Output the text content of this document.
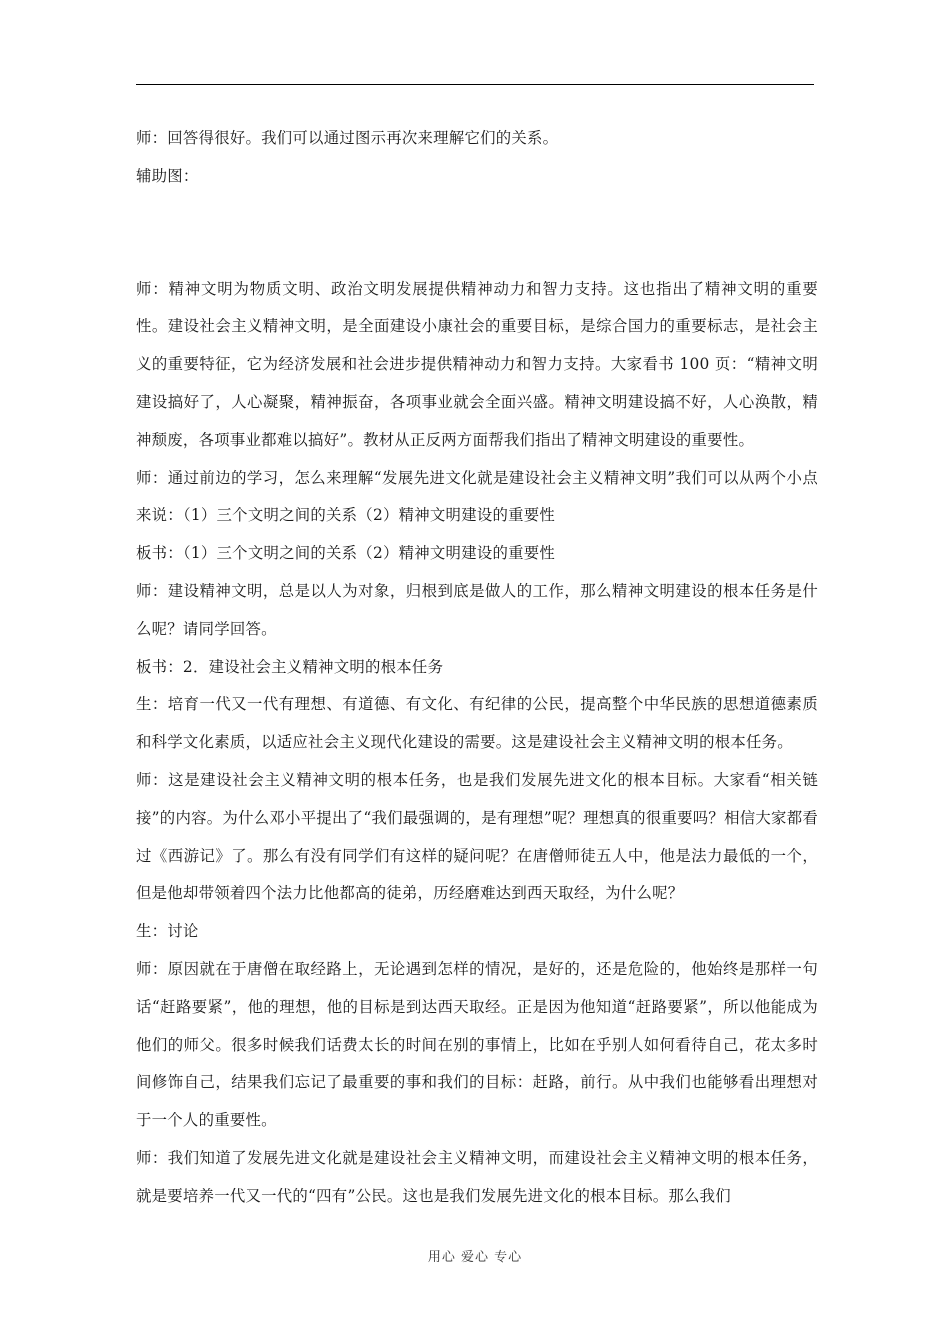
师：回答得很好。我们可以通过图示再次来理解它们的关系。

辅助图：

师：精神文明为物质文明、政治文明发展提供精神动力和智力支持。这也指出了精神文明的重要性。建设社会主义精神文明，是全面建设小康社会的重要目标，是综合国力的重要标志，是社会主义的重要特征，它为经济发展和社会进步提供精神动力和智力支持。大家看书 100 页：“精神文明建设搞好了，人心凝聚，精神振奋，各项事业就会全面兴盛。精神文明建设搞不好，人心涣散，精神颓废，各项事业都难以搞好”。教材从正反两方面帮我们指出了精神文明建设的重要性。

师：通过前边的学习，怎么来理解“发展先进文化就是建设社会主义精神文明”我们可以从两个小点来说：（1）三个文明之间的关系（2）精神文明建设的重要性

板书：（1）三个文明之间的关系（2）精神文明建设的重要性

师：建设精神文明，总是以人为对象，归根到底是做人的工作，那么精神文明建设的根本任务是什么呢？请同学回答。

板书：2．建设社会主义精神文明的根本任务

生：培育一代又一代有理想、有道德、有文化、有纪律的公民，提高整个中华民族的思想道德素质和科学文化素质，以适应社会主义现代化建设的需要。这是建设社会主义精神文明的根本任务。

师：这是建设社会主义精神文明的根本任务，也是我们发展先进文化的根本目标。大家看“相关链接”的内容。为什么邓小平提出了“我们最强调的，是有理想”呢？理想真的很重要吗？相信大家都看过《西游记》了。那么有没有同学们有这样的疑问呢？在唐僧师徒五人中，他是法力最低的一个，但是他却带领着四个法力比他都高的徒弟，历经磨难达到西天取经，为什么呢？

生：讨论

师：原因就在于唐僧在取经路上，无论遇到怎样的情况，是好的，还是危险的，他始终是那样一句话“赶路要紧”，他的理想，他的目标是到达西天取经。正是因为他知道“赶路要紧”，所以他能成为他们的师父。很多时候我们话费太长的时间在别的事情上，比如在乎别人如何看待自己，花太多时间修饰自己，结果我们忘记了最重要的事和我们的目标：赶路，前行。从中我们也能够看出理想对于一个人的重要性。

师：我们知道了发展先进文化就是建设社会主义精神文明，而建设社会主义精神文明的根本任务，就是要培养一代又一代的“四有”公民。这也是我们发展先进文化的根本目标。那么我们

用心 爱心 专心
